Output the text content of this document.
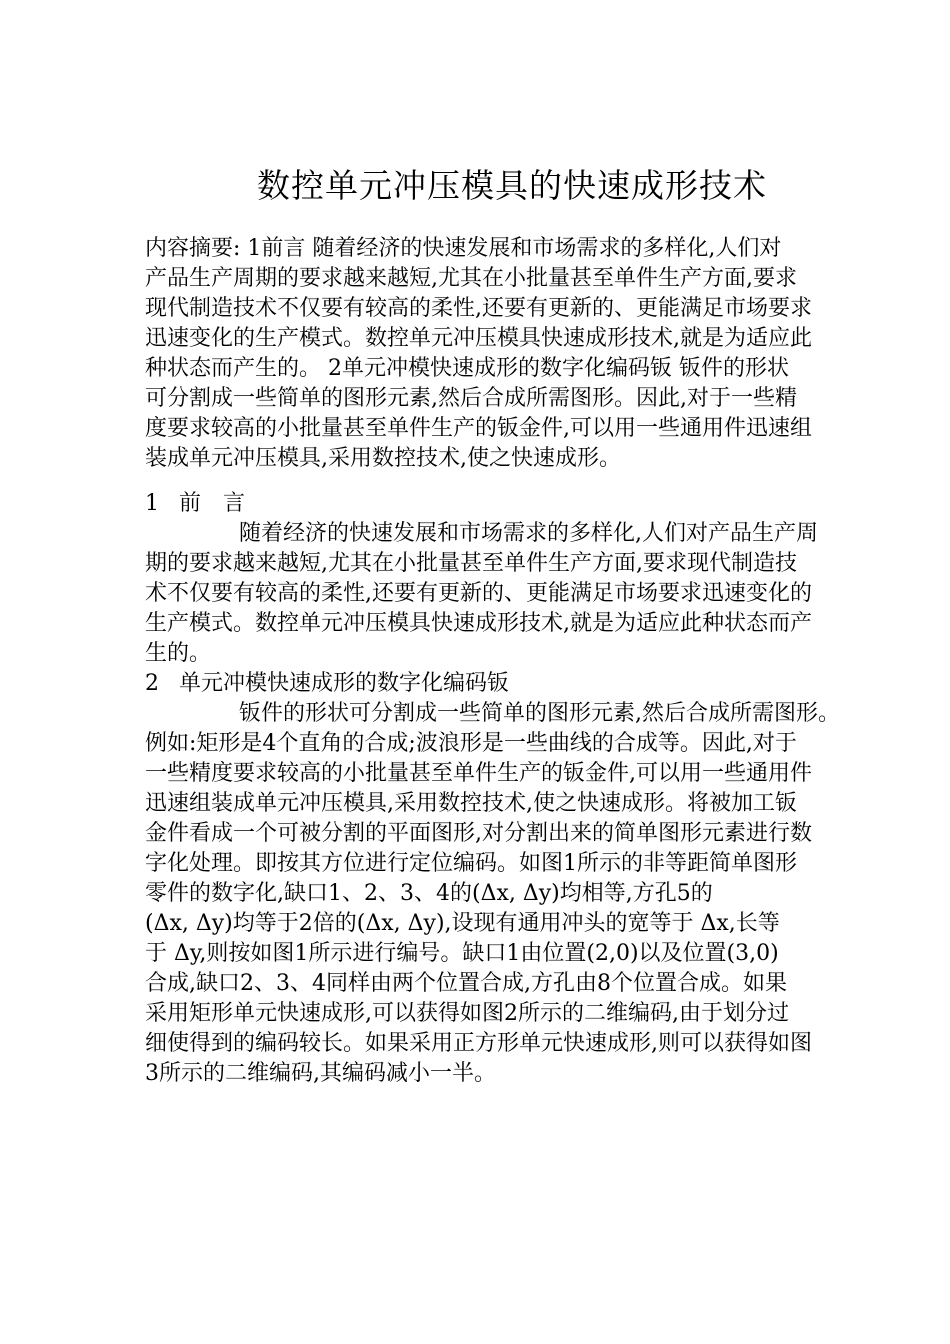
数控单元冲压模具的快速成形技术
内容摘要: 1前言 随着经济的快速发展和市场需求的多样化,人们对
产品生产周期的要求越来越短,尤其在小批量甚至单件生产方面,要求
现代制造技术不仅要有较高的柔性,还要有更新的、更能满足市场要求
迅速变化的生产模式。数控单元冲压模具快速成形技术,就是为适应此
种状态而产生的。 2单元冲模快速成形的数字化编码钣 钣件的形状
可分割成一些简单的图形元素,然后合成所需图形。因此,对于一些精
度要求较高的小批量甚至单件生产的钣金件,可以用一些通用件迅速组
装成单元冲压模具,采用数控技术,使之快速成形。
1 前　言
随着经济的快速发展和市场需求的多样化,人们对产品生产周
期的要求越来越短,尤其在小批量甚至单件生产方面,要求现代制造技
术不仅要有较高的柔性,还要有更新的、更能满足市场要求迅速变化的
生产模式。数控单元冲压模具快速成形技术,就是为适应此种状态而产
生的。
2 单元冲模快速成形的数字化编码钣
钣件的形状可分割成一些简单的图形元素,然后合成所需图形。
例如:矩形是4个直角的合成;波浪形是一些曲线的合成等。因此,对于
一些精度要求较高的小批量甚至单件生产的钣金件,可以用一些通用件
迅速组装成单元冲压模具,采用数控技术,使之快速成形。将被加工钣
金件看成一个可被分割的平面图形,对分割出来的简单图形元素进行数
字化处理。即按其方位进行定位编码。如图1所示的非等距简单图形
零件的数字化,缺口1、2、3、4的(Δx, Δy)均相等,方孔5的
(Δx, Δy)均等于2倍的(Δx, Δy),设现有通用冲头的宽等于 Δx,长等
于 Δy,则按如图1所示进行编号。缺口1由位置(2,0)以及位置(3,0)
合成,缺口2、3、4同样由两个位置合成,方孔由8个位置合成。如果
采用矩形单元快速成形,可以获得如图2所示的二维编码,由于划分过
细使得到的编码较长。如果采用正方形单元快速成形,则可以获得如图
3所示的二维编码,其编码减小一半。
